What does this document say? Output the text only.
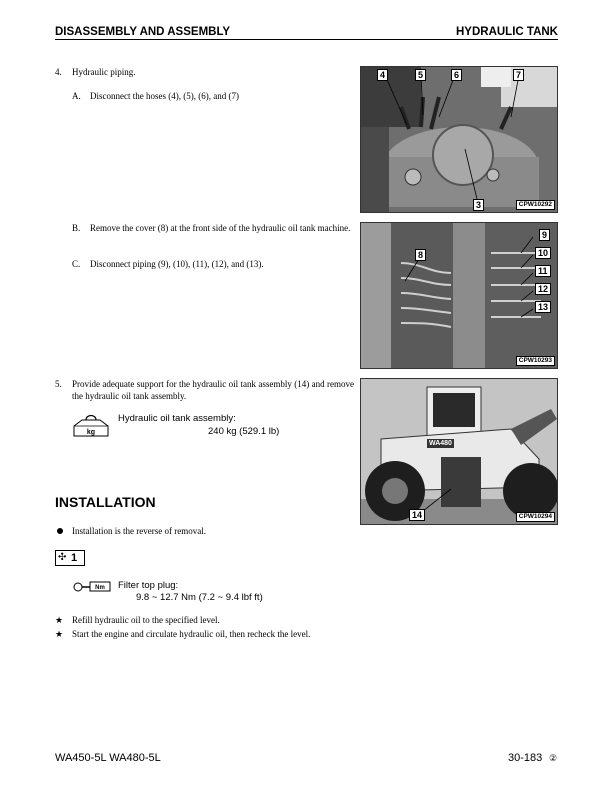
DISASSEMBLY AND ASSEMBLY	HYDRAULIC TANK
4. Hydraulic piping.
A. Disconnect the hoses (4), (5), (6), and (7)
B. Remove the cover (8) at the front side of the hydraulic oil tank machine.
C. Disconnect piping (9), (10), (11), (12), and (13).
5. Provide adequate support for the hydraulic oil tank assembly (14) and remove the hydraulic oil tank assembly.
kg
Hydraulic oil tank assembly:
240 kg (529.1 lb)
INSTALLATION
Installation is the reverse of removal.
✣ 1
Nm Filter top plug:
9.8 ~ 12.7 Nm (7.2 ~ 9.4 lbf ft)
★ Refill hydraulic oil to the specified level.
★ Start the engine and circulate hydraulic oil, then recheck the level.
4	5	6	7
3	CPW10292
8
9
10
11
12
13
CPW10293
WA480
14	CPW10294
WA450-5L WA480-5L	30-183 ②
